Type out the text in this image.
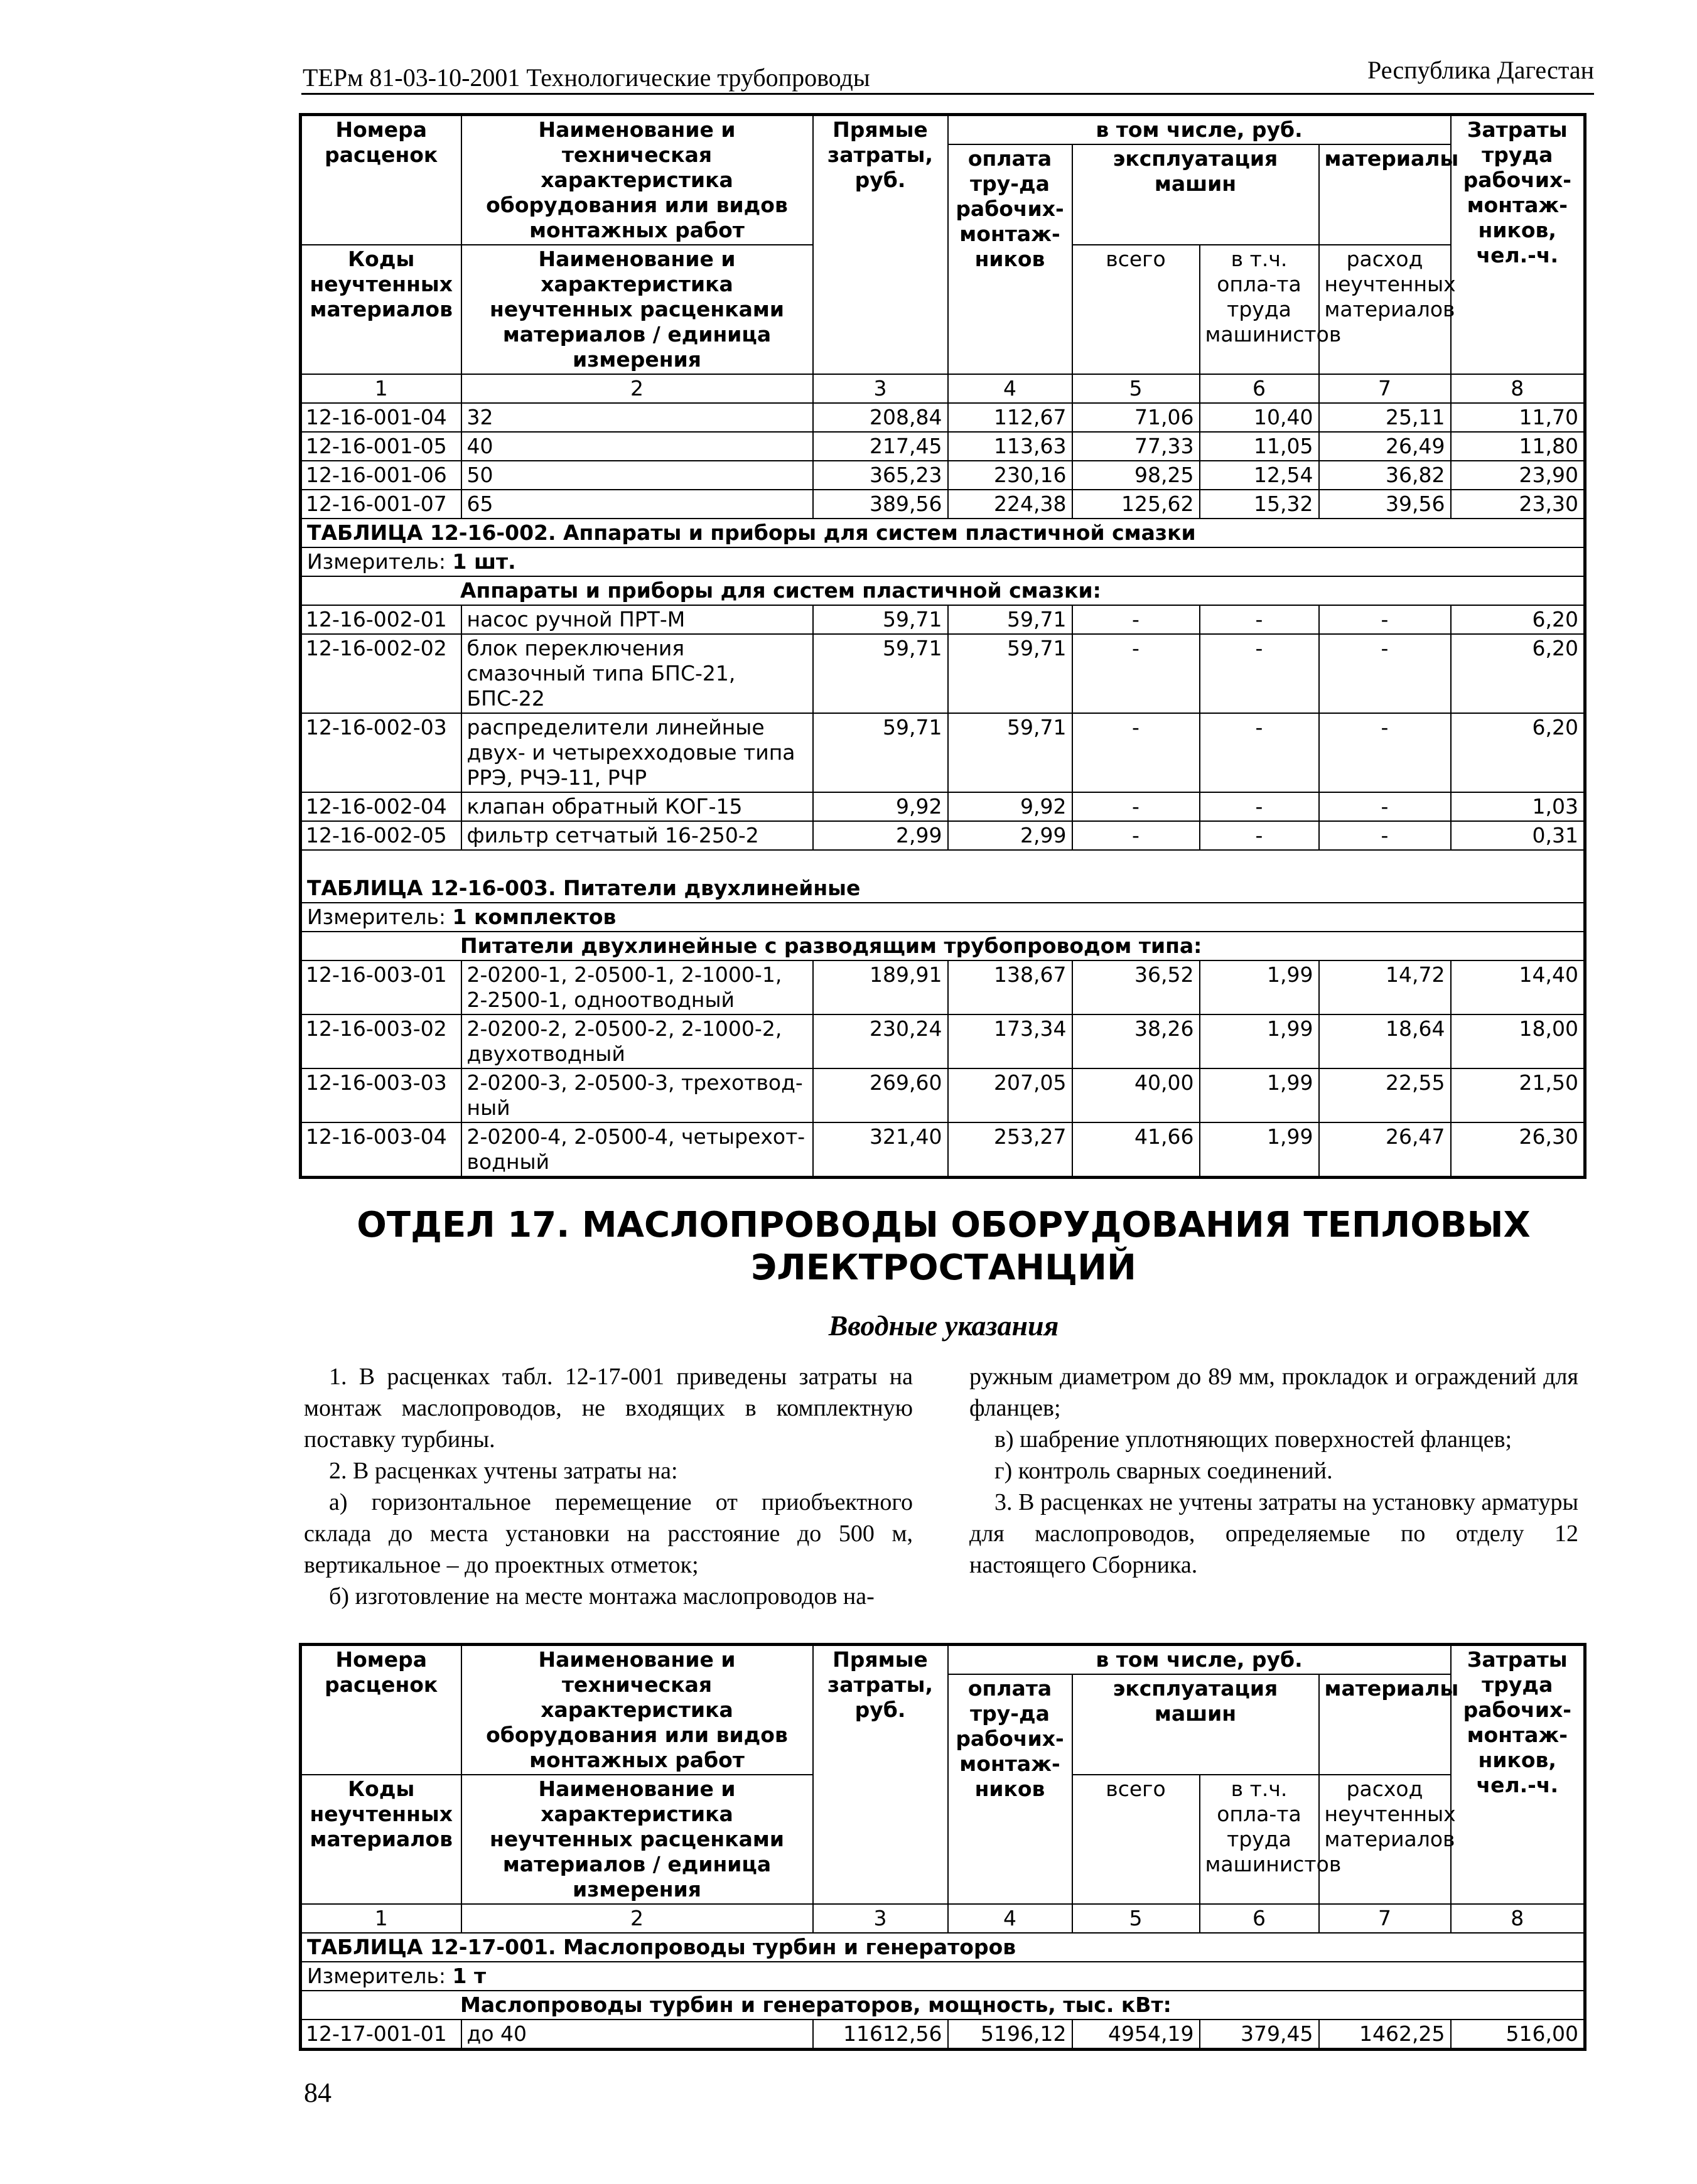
ТЕРм 81-03-10-2001 Технологические трубопроводы	Республика Дагестан
Номера расценок	Наименование и техническая характеристика оборудования или видов монтажных работ	Прямые затраты, руб.	в том числе, руб.				Затраты труда рабочих-монтаж-ников, чел.-ч.
			оплата тру-да рабочих-монтаж-ников	эксплуатация машин		материалы	
Коды неучтенных материалов	Наименование и характеристика неучтенных расценками материалов / единица измерения			всего	в т.ч. опла-та труда машинистов	расход неучтенных материалов	

1	2	3	4	5	6	7	8
12-16-001-04	32	208,84	112,67	71,06	10,40	25,11	11,70
12-16-001-05	40	217,45	113,63	77,33	11,05	26,49	11,80
12-16-001-06	50	365,23	230,16	98,25	12,54	36,82	23,90
12-16-001-07	65	389,56	224,38	125,62	15,32	39,56	23,30
ТАБЛИЦА 12-16-002. Аппараты и приборы для систем пластичной смазки							
Измеритель: 1 шт.							
Аппараты и приборы для систем пластичной смазки:							
12-16-002-01	насос ручной ПРТ-М	59,71	59,71	-	-	-	6,20
12-16-002-02	блок переключения смазочный типа БПС-21, БПС-22	59,71	59,71	-	-	-	6,20
12-16-002-03	распределители линейные двух- и четырехходовые типа РРЭ, РЧЭ-11, РЧР	59,71	59,71	-	-	-	6,20
12-16-002-04	клапан обратный КОГ-15	9,92	9,92	-	-	-	1,03
12-16-002-05	фильтр сетчатый 16-250-2	2,99	2,99	-	-	-	0,31
ТАБЛИЦА 12-16-003. Питатели двухлинейные							
Измеритель: 1 комплектов							
Питатели двухлинейные с разводящим трубопроводом типа:							
12-16-003-01	2-0200-1, 2-0500-1, 2-1000-1, 2-2500-1, одноотводный	189,91	138,67	36,52	1,99	14,72	14,40
12-16-003-02	2-0200-2, 2-0500-2, 2-1000-2, двухотводный	230,24	173,34	38,26	1,99	18,64	18,00
12-16-003-03	2-0200-3, 2-0500-3, трехотвод-ный	269,60	207,05	40,00	1,99	22,55	21,50
12-16-003-04	2-0200-4, 2-0500-4, четырехот-водный	321,40	253,27	41,66	1,99	26,47	26,30
ОТДЕЛ 17. МАСЛОПРОВОДЫ ОБОРУДОВАНИЯ ТЕПЛОВЫХ
ЭЛЕКТРОСТАНЦИЙ
Вводные указания

1. В расценках табл. 12-17-001 приведены затраты на монтаж маслопроводов, не входящих в комплектную поставку турбины.

2. В расценках учтены затраты на:

а) горизонтальное перемещение от приобъектного склада до места установки на расстояние до 500 м, вертикальное – до проектных отметок;

б) изготовление на месте монтажа маслопроводов на-

ружным диаметром до 89 мм, прокладок и ограждений для фланцев;

в) шабрение уплотняющих поверхностей фланцев;

г) контроль сварных соединений.

3. В расценках не учтены затраты на установку арматуры для маслопроводов, определяемые по отделу 12 настоящего Сборника.

Номера расценок	Наименование и техническая характеристика оборудования или видов монтажных работ	Прямые затраты, руб.	в том числе, руб.				Затраты труда рабочих-монтаж-ников, чел.-ч.
			оплата тру-да рабочих-монтаж-ников	эксплуатация машин		материалы	
Коды неучтенных материалов	Наименование и характеристика неучтенных расценками материалов / единица измерения			всего	в т.ч. опла-та труда машинистов	расход неучтенных материалов	

1	2	3	4	5	6	7	8
ТАБЛИЦА 12-17-001. Маслопроводы турбин и генераторов							
Измеритель: 1 т							
Маслопроводы турбин и генераторов, мощность, тыс. кВт:							
12-17-001-01	до 40	11612,56	5196,12	4954,19	379,45	1462,25	516,00
84
